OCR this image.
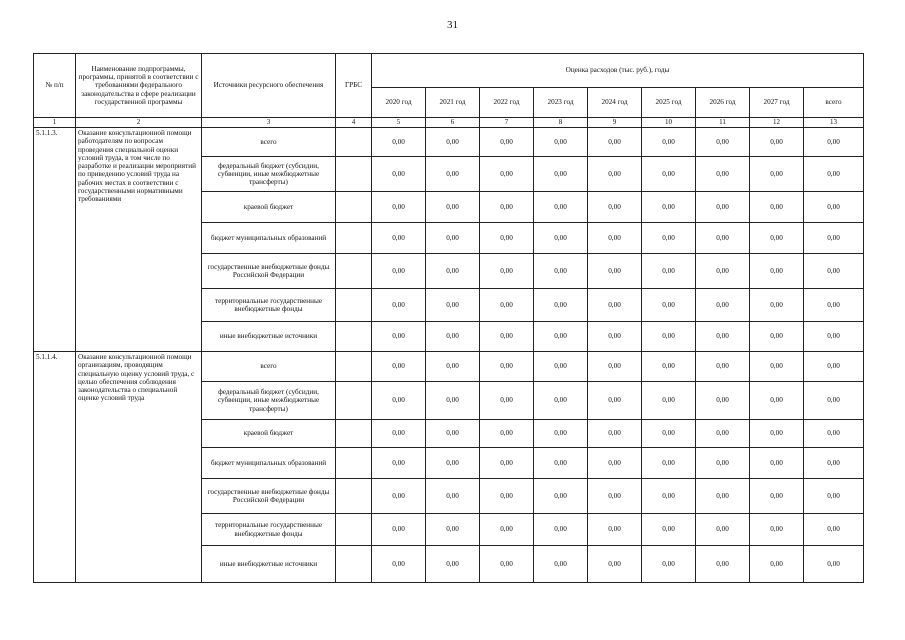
31
№ п/п	Наименование подпрограммы, программы, принятой в соответствии с требованиями федерального законодательства в сфере реализации государственной программы	Источники ресурсного обеспечения	ГРБС	Оценка расходов (тыс. руб.), годы								
				2020 год	2021 год	2022 год	2023 год	2024 год	2025 год	2026 год	2027 год	всего
1	2	3	4	5	6	7	8	9	10	11	12	13
5.1.1.3.	Оказание консультационной помощи работодателям по вопросам проведения специальной оценки условий труда, в том числе по разработке и реализации мероприятий по приведению условий труда на рабочих местах в соответствии с государственными нормативными требованиями	всего		0,00	0,00	0,00	0,00	0,00	0,00	0,00	0,00	0,00
		федеральный бюджет (субсидии, субвенции, иные межбюджетные трансферты)		0,00	0,00	0,00	0,00	0,00	0,00	0,00	0,00	0,00
		краевой бюджет		0,00	0,00	0,00	0,00	0,00	0,00	0,00	0,00	0,00
		бюджет муниципальных образований		0,00	0,00	0,00	0,00	0,00	0,00	0,00	0,00	0,00
		государственные внебюджетные фонды Российской Федерации		0,00	0,00	0,00	0,00	0,00	0,00	0,00	0,00	0,00
		территориальные государственные внебюджетные фонды		0,00	0,00	0,00	0,00	0,00	0,00	0,00	0,00	0,00
		иные внебюджетные источники		0,00	0,00	0,00	0,00	0,00	0,00	0,00	0,00	0,00
5.1.1.4.	Оказание консультационной помощи организациям, проводящим специальную оценку условий труда, с целью обеспечения соблюдения законодательства о специальной оценке условий труда	всего		0,00	0,00	0,00	0,00	0,00	0,00	0,00	0,00	0,00
		федеральный бюджет (субсидии, субвенции, иные межбюджетные трансферты)		0,00	0,00	0,00	0,00	0,00	0,00	0,00	0,00	0,00
		краевой бюджет		0,00	0,00	0,00	0,00	0,00	0,00	0,00	0,00	0,00
		бюджет муниципальных образований		0,00	0,00	0,00	0,00	0,00	0,00	0,00	0,00	0,00
		государственные внебюджетные фонды Российской Федерации		0,00	0,00	0,00	0,00	0,00	0,00	0,00	0,00	0,00
		территориальные государственные внебюджетные фонды		0,00	0,00	0,00	0,00	0,00	0,00	0,00	0,00	0,00
		иные внебюджетные источники		0,00	0,00	0,00	0,00	0,00	0,00	0,00	0,00	0,00
